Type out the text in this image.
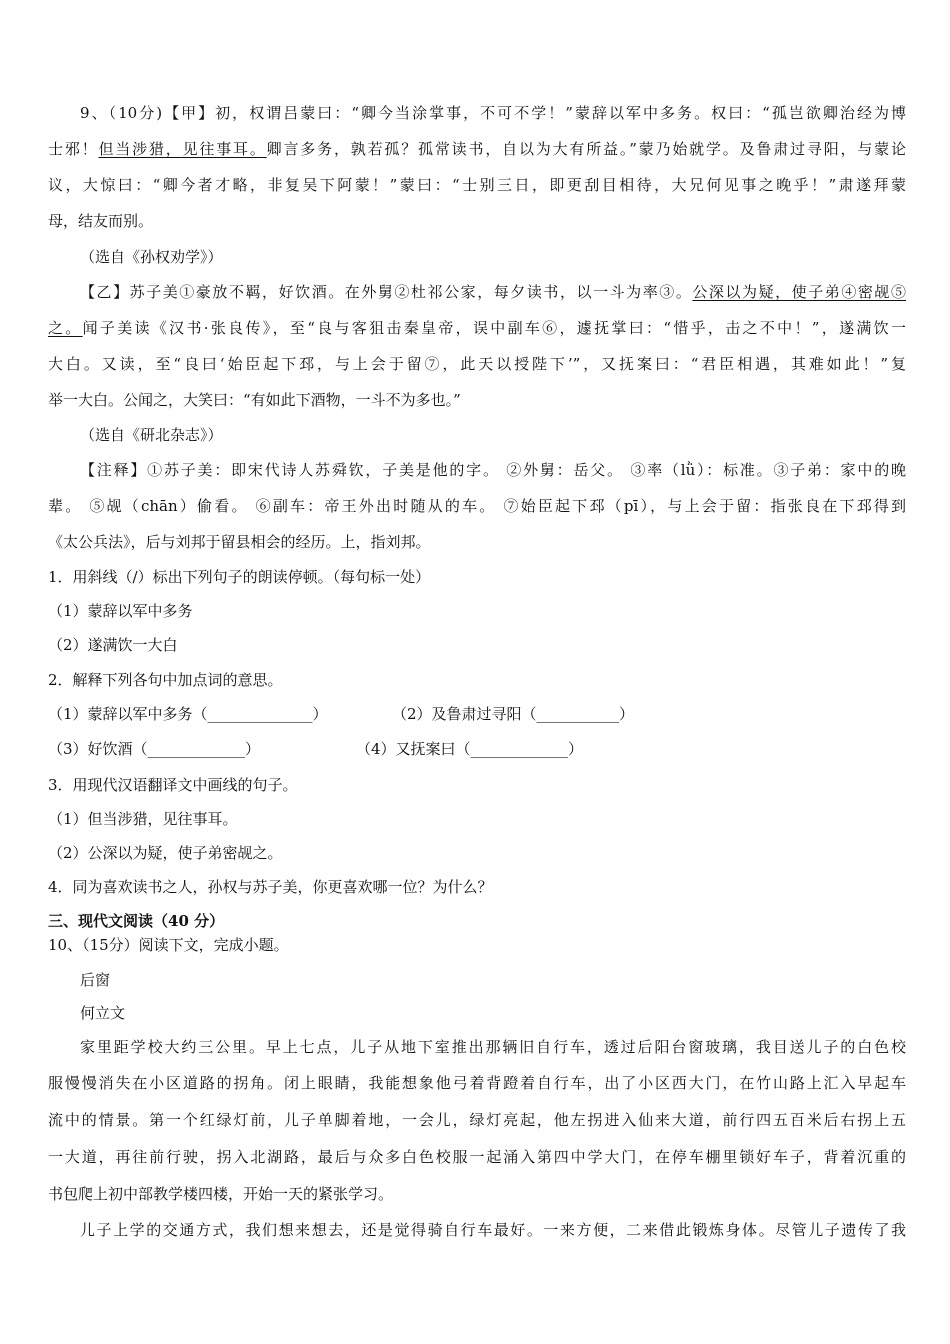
9、（10分)【甲】初，权谓吕蒙曰：“卿今当涂掌事，不可不学！”蒙辞以军中多务。权曰：“孤岂欲卿治经为博
士邪！但当涉猎，见往事耳。卿言多务，孰若孤？孤常读书，自以为大有所益。”蒙乃始就学。及鲁肃过寻阳，与蒙论
议，大惊曰：“卿今者才略，非复吴下阿蒙！”蒙曰：“士别三日，即更刮目相待，大兄何见事之晚乎！”肃遂拜蒙
母，结友而别。
（选自《孙权劝学》）
【乙】苏子美①豪放不羁，好饮酒。在外舅②杜祁公家，每夕读书，以一斗为率③。公深以为疑，使子弟④密觇⑤
之。闻子美读《汉书·张良传》，至“良与客狙击秦皇帝，误中副车⑥，遽抚掌曰：“惜乎，击之不中！”，遂满饮一
大白。又读，至“良曰‘始臣起下邳，与上会于留⑦，此天以授陛下’”，又抚案曰：“君臣相遇，其难如此！”复
举一大白。公闻之，大笑曰：“有如此下酒物，一斗不为多也。”
（选自《研北杂志》）
【注释】①苏子美：即宋代诗人苏舜钦，子美是他的字。 ②外舅：岳父。 ③率（lǜ）：标准。③子弟：家中的晚
辈。 ⑤觇（chān）偷看。 ⑥副车：帝王外出时随从的车。 ⑦始臣起下邳（pī），与上会于留：指张良在下邳得到
《太公兵法》，后与刘邦于留县相会的经历。上，指刘邦。
1．用斜线（/）标出下列句子的朗读停顿。（每句标一处）
（1）蒙辞以军中多务
（2）遂满饮一大白
2．解释下列各句中加点词的意思。
（1）蒙辞以军中多务（______________）	（2）及鲁肃过寻阳（___________）
（3）好饮酒（_____________）	（4）又抚案曰（_____________）
3．用现代汉语翻译文中画线的句子。
（1）但当涉猎，见往事耳。
（2）公深以为疑，使子弟密觇之。
4．同为喜欢读书之人，孙权与苏子美，你更喜欢哪一位？为什么？
三、现代文阅读（40 分）
10、（15分）阅读下文，完成小题。
后窗
何立文
家里距学校大约三公里。早上七点，儿子从地下室推出那辆旧自行车，透过后阳台窗玻璃，我目送儿子的白色校
服慢慢消失在小区道路的拐角。闭上眼睛，我能想象他弓着背蹬着自行车，出了小区西大门，在竹山路上汇入早起车
流中的情景。第一个红绿灯前，儿子单脚着地，一会儿，绿灯亮起，他左拐进入仙来大道，前行四五百米后右拐上五
一大道，再往前行驶，拐入北湖路，最后与众多白色校服一起涌入第四中学大门，在停车棚里锁好车子，背着沉重的
书包爬上初中部教学楼四楼，开始一天的紧张学习。
儿子上学的交通方式，我们想来想去，还是觉得骑自行车最好。一来方便，二来借此锻炼身体。尽管儿子遗传了我
